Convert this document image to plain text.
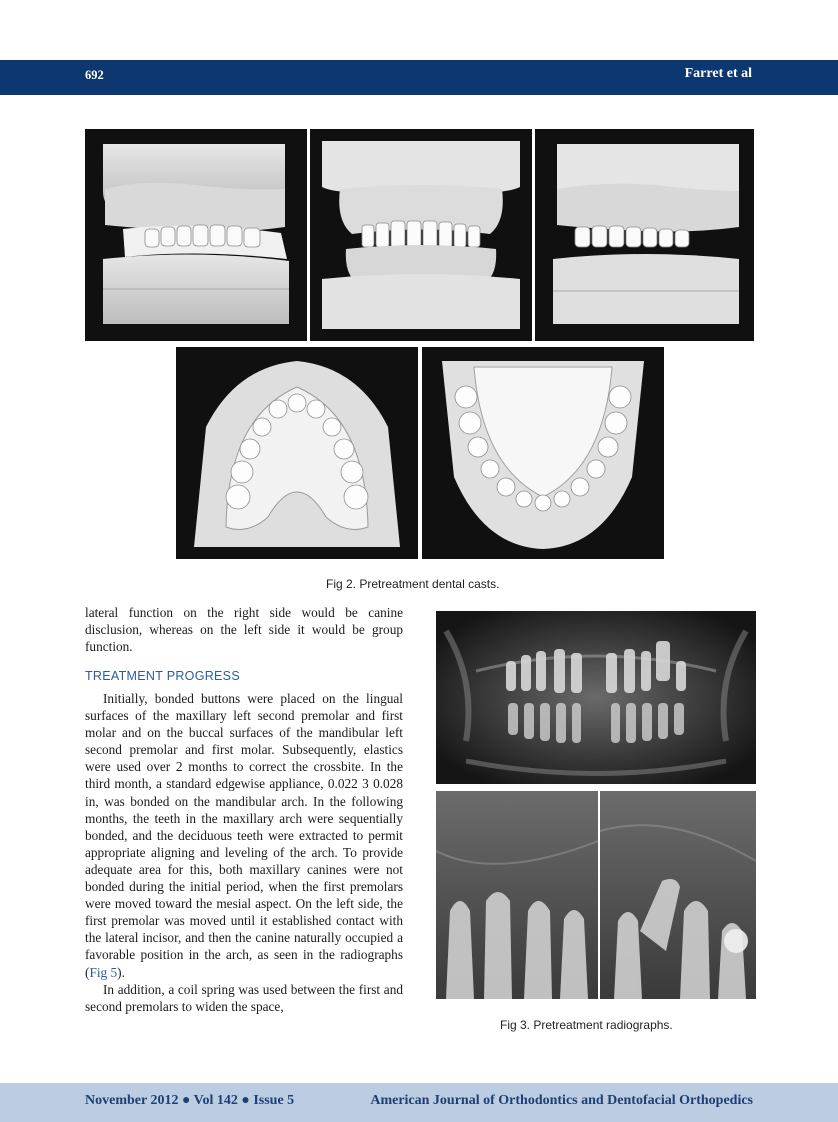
692	Farret et al
Fig 2. Pretreatment dental casts.

lateral function on the right side would be canine disclusion, whereas on the left side it would be group function.

TREATMENT PROGRESS

Initially, bonded buttons were placed on the lingual surfaces of the maxillary left second premolar and first molar and on the buccal surfaces of the mandibular left second premolar and first molar. Subsequently, elastics were used over 2 months to correct the crossbite. In the third month, a standard edgewise appliance, 0.022 3 0.028 in, was bonded on the mandibular arch. In the following months, the teeth in the maxillary arch were sequentially bonded, and the deciduous teeth were extracted to permit appropriate aligning and leveling of the arch. To provide adequate area for this, both maxillary canines were not bonded during the initial period, when the first premolars were moved toward the mesial aspect. On the left side, the first premolar was moved until it established contact with the lateral incisor, and then the canine naturally occupied a favorable position in the arch, as seen in the radiographs (Fig 5).

In addition, a coil spring was used between the first and second premolars to widen the space,

Fig 3. Pretreatment radiographs.
November 2012 ● Vol 142 ● Issue 5	American Journal of Orthodontics and Dentofacial Orthopedics
